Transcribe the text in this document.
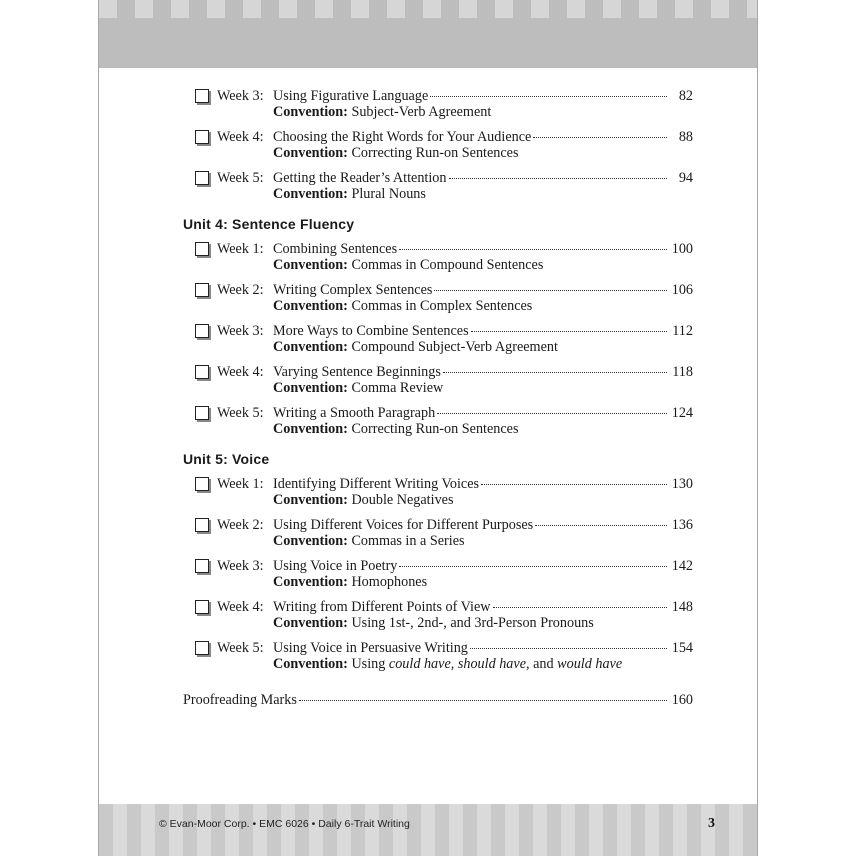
Week 3: Using Figurative Language	82
Convention: Subject-Verb Agreement
Week 4: Choosing the Right Words for Your Audience	88
Convention: Correcting Run-on Sentences
Week 5: Getting the Reader’s Attention	94
Convention: Plural Nouns
Unit 4: Sentence Fluency
Week 1: Combining Sentences	100
Convention: Commas in Compound Sentences
Week 2: Writing Complex Sentences	106
Convention: Commas in Complex Sentences
Week 3: More Ways to Combine Sentences	112
Convention: Compound Subject-Verb Agreement
Week 4: Varying Sentence Beginnings	118
Convention: Comma Review
Week 5: Writing a Smooth Paragraph	124
Convention: Correcting Run-on Sentences
Unit 5: Voice
Week 1: Identifying Different Writing Voices	130
Convention: Double Negatives
Week 2: Using Different Voices for Different Purposes	136
Convention: Commas in a Series
Week 3: Using Voice in Poetry	142
Convention: Homophones
Week 4: Writing from Different Points of View	148
Convention: Using 1st-, 2nd-, and 3rd-Person Pronouns
Week 5: Using Voice in Persuasive Writing	154
Convention: Using could have, should have, and would have
Proofreading Marks	160
© Evan-Moor Corp. • EMC 6026 • Daily 6-Trait Writing	3
